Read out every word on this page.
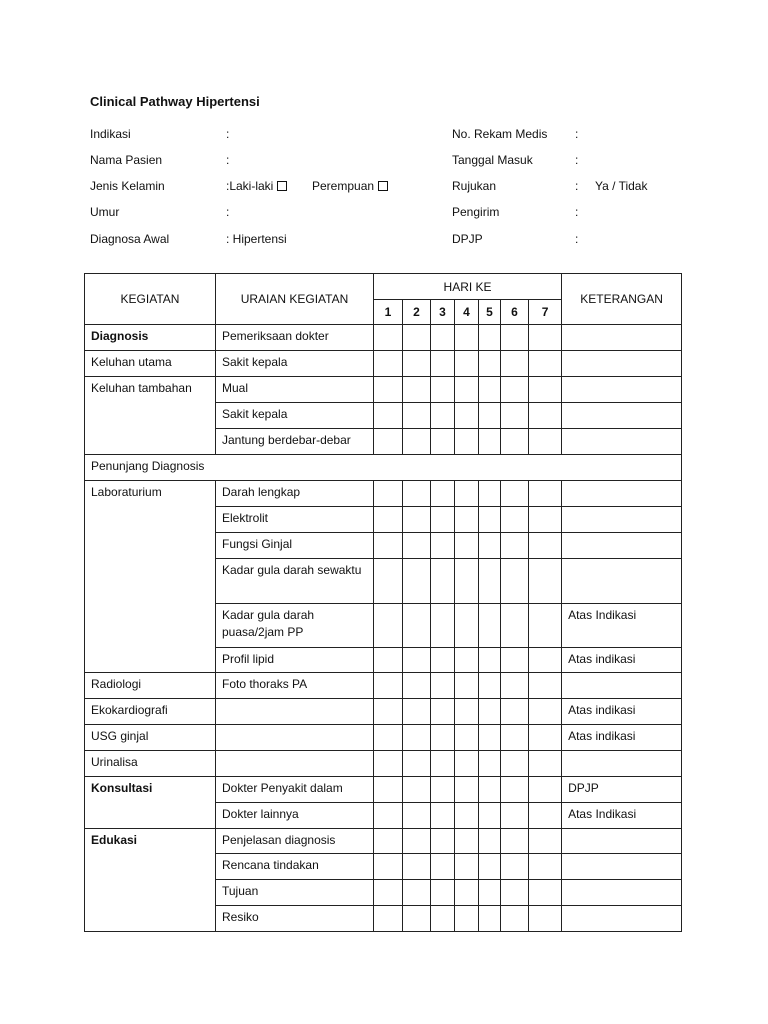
Clinical Pathway Hipertensi
Indikasi	:
Nama Pasien	:
Jenis Kelamin	:Laki-laki	Perempuan
Umur	:
Diagnosa Awal	: Hipertensi
No. Rekam Medis :
Tanggal Masuk	:
Rujukan	: Ya / Tidak
Pengirim	:
DPJP	:
KEGIATAN	URAIAN KEGIATAN	HARI KE							KETERANGAN
		1	2	3	4	5	6	7	
Diagnosis	Pemeriksaan dokter								
Keluhan utama	Sakit kepala								
Keluhan tambahan	Mual								
	Sakit kepala								
	Jantung berdebar-debar								
Penunjang Diagnosis									
Laboraturium	Darah lengkap								
	Elektrolit								
	Fungsi Ginjal								
	Kadar gula darah sewaktu								
	Kadar gula darah puasa/2jam PP								Atas Indikasi
	Profil lipid								Atas indikasi
Radiologi	Foto thoraks PA								
Ekokardiografi									Atas indikasi
USG ginjal									Atas indikasi
Urinalisa									
Konsultasi	Dokter Penyakit dalam								DPJP
	Dokter lainnya								Atas Indikasi
Edukasi	Penjelasan diagnosis								
	Rencana tindakan								
	Tujuan								
	Resiko								
